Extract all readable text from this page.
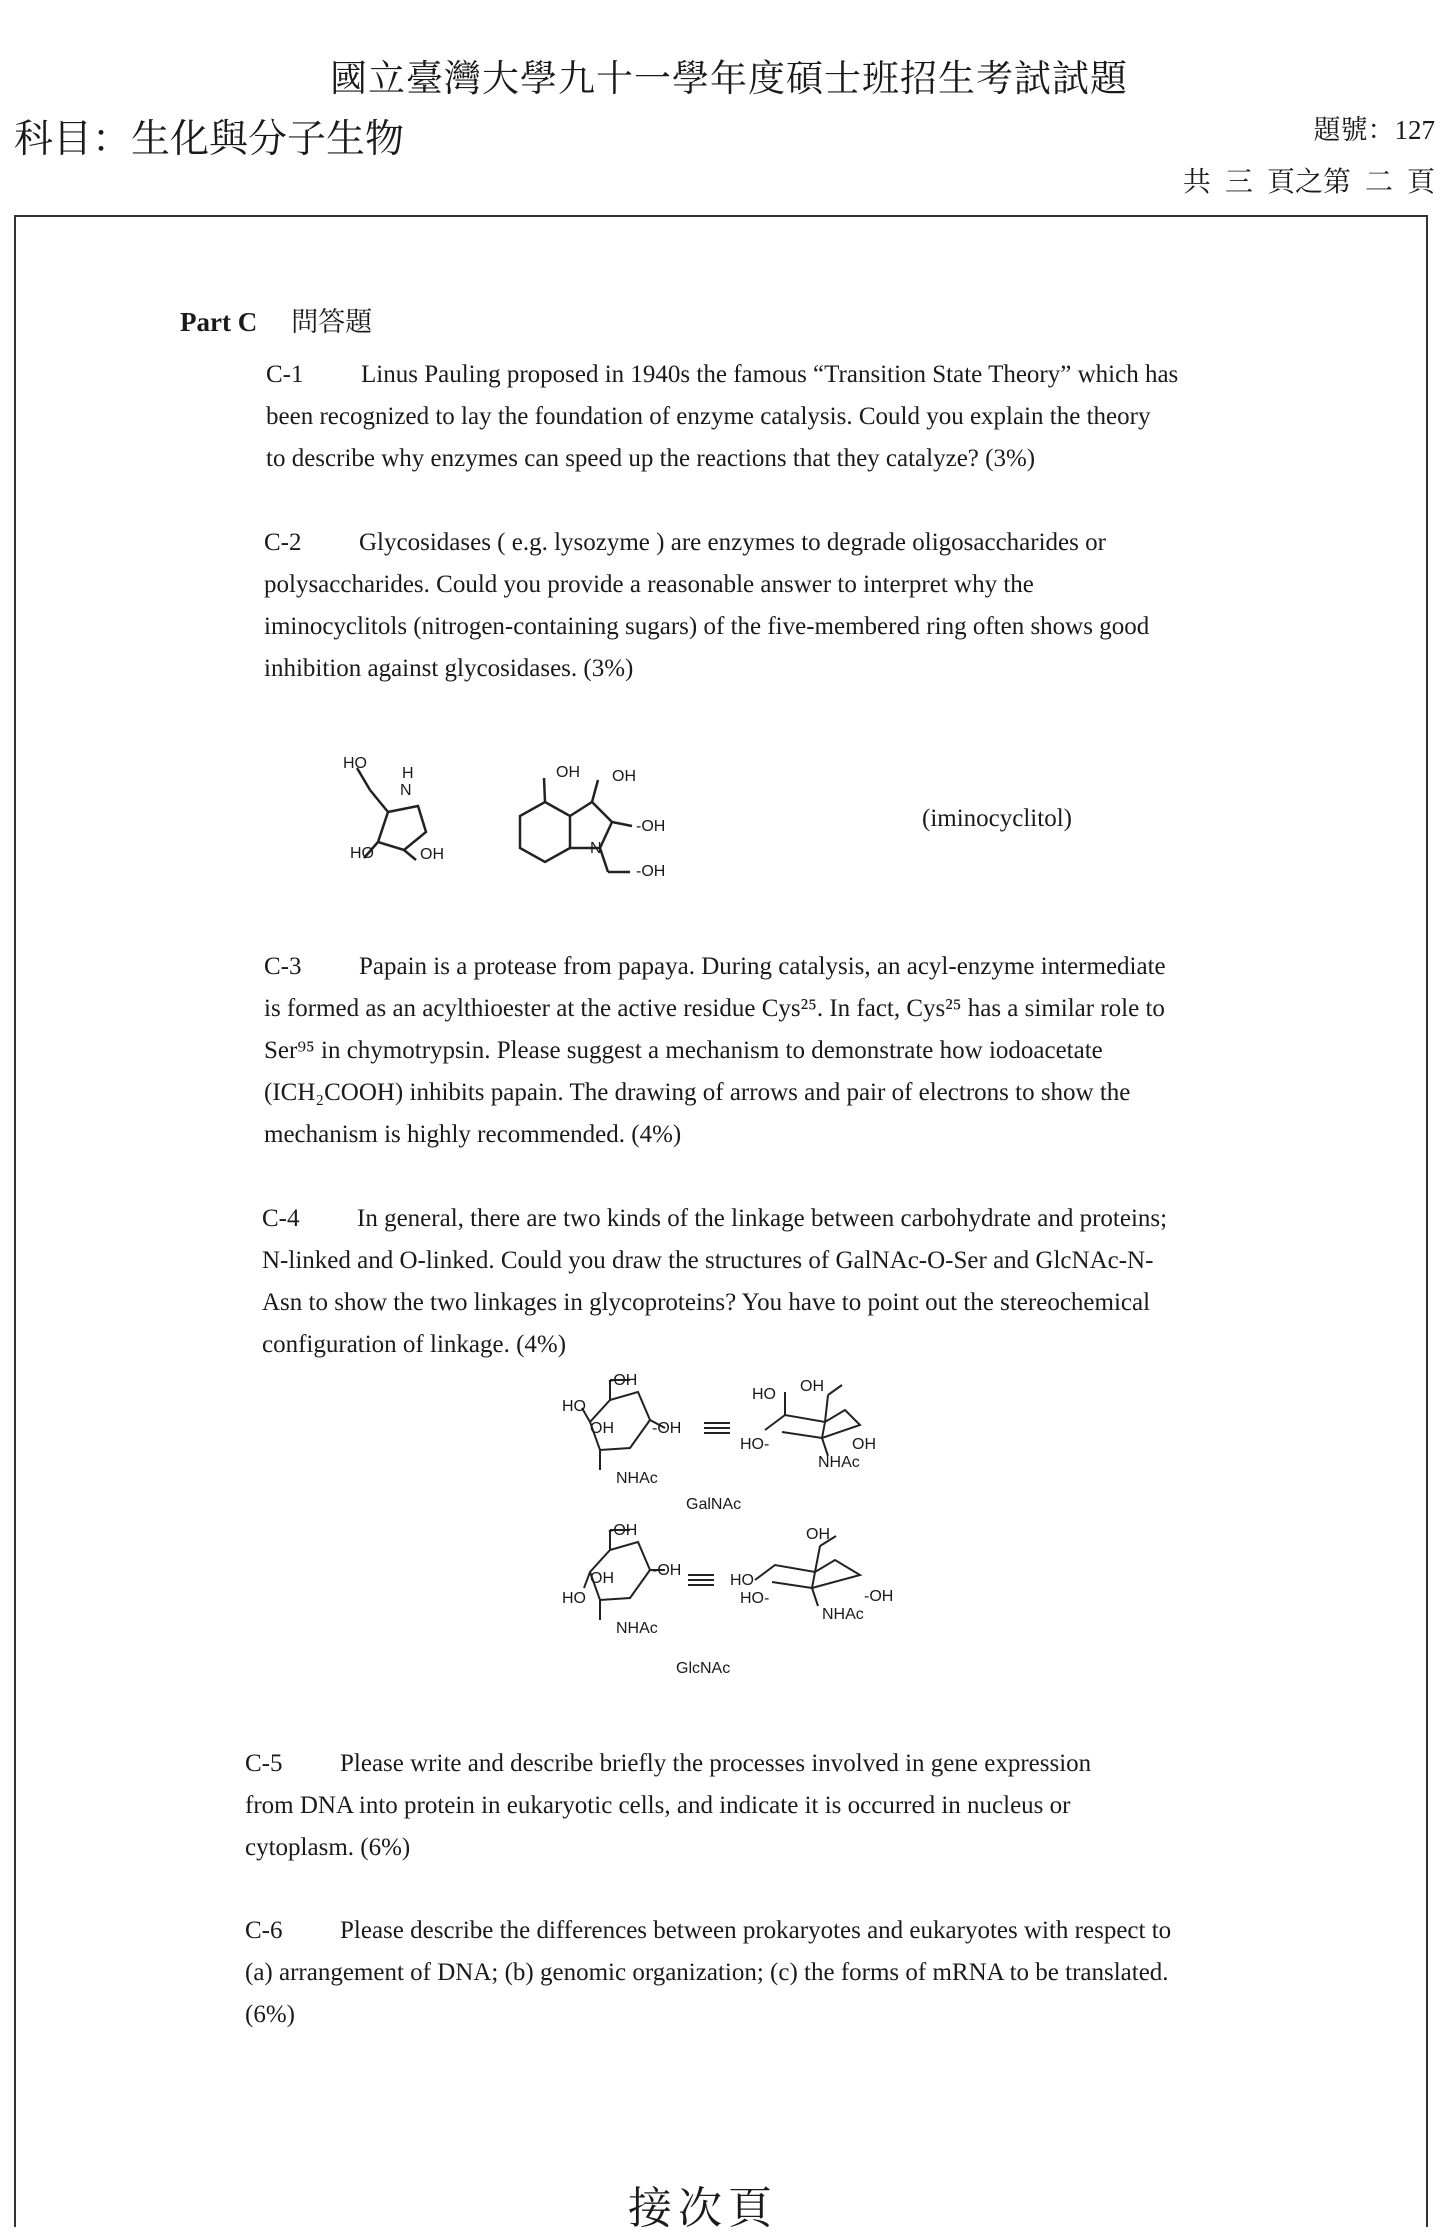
國立臺灣大學九十一學年度碩士班招生考試試題
科目：生化與分子生物	題號：127
共 三 頁之第 二 頁
Part C 問答題
C-1 Linus Pauling proposed in 1940s the famous “Transition State Theory” which has
been recognized to lay the foundation of enzyme catalysis. Could you explain the theory
to describe why enzymes can speed up the reactions that they catalyze? (3%)
C-2 Glycosidases ( e.g. lysozyme ) are enzymes to degrade oligosaccharides or
polysaccharides. Could you provide a reasonable answer to interpret why the
iminocyclitols (nitrogen-containing sugars) of the five-membered ring often shows good
inhibition against glycosidases. (3%)
HO
H
N
HO	OH
OH OH
N
-OH
-OH
(iminocyclitol)
C-3 Papain is a protease from papaya. During catalysis, an acyl-enzyme intermediate
is formed as an acylthioester at the active residue Cys²⁵. In fact, Cys²⁵ has a similar role to
Ser⁹⁵ in chymotrypsin. Please suggest a mechanism to demonstrate how iodoacetate
(ICH₂COOH) inhibits papain. The drawing of arrows and pair of electrons to show the
mechanism is highly recommended. (4%)
C-4 In general, there are two kinds of the linkage between carbohydrate and proteins;
N-linked and O-linked. Could you draw the structures of GalNAc-O-Ser and GlcNAc-N-
Asn to show the two linkages in glycoproteins? You have to point out the stereochemical
configuration of linkage. (4%)
-OH
HO
OH -OH
NHAc
HO OH
HO-	OH
NHAc
GalNAc
-OH
OH
HO
-OH
NHAc
OH
HO
HO-	-OH
NHAc
GlcNAc
C-5 Please write and describe briefly the processes involved in gene expression
from DNA into protein in eukaryotic cells, and indicate it is occurred in nucleus or
cytoplasm. (6%)
C-6 Please describe the differences between prokaryotes and eukaryotes with respect to
(a) arrangement of DNA; (b) genomic organization; (c) the forms of mRNA to be translated.
(6%)
接次頁
